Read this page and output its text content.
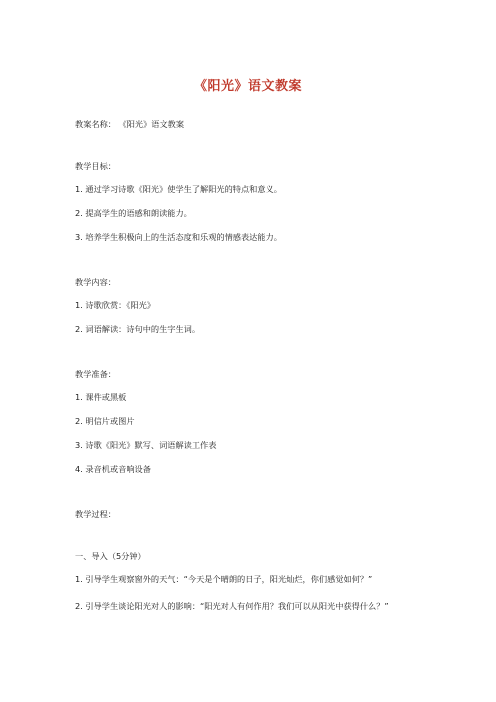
《阳光》语文教案
教案名称： 《阳光》语文教案
教学目标：
1. 通过学习诗歌《阳光》使学生了解阳光的特点和意义。
2. 提高学生的语感和朗读能力。
3. 培养学生积极向上的生活态度和乐观的情感表达能力。
教学内容：
1. 诗歌欣赏：《阳光》
2. 词语解读：诗句中的生字生词。
教学准备：
1. 课件或黑板
2. 明信片或图片
3. 诗歌《阳光》默写、词语解读工作表
4. 录音机或音响设备
教学过程：
一、导入（5分钟）
1. 引导学生观察窗外的天气：“今天是个晴朗的日子，阳光灿烂，你们感觉如何？”
2. 引导学生谈论阳光对人的影响：“阳光对人有何作用？我们可以从阳光中获得什么？”
